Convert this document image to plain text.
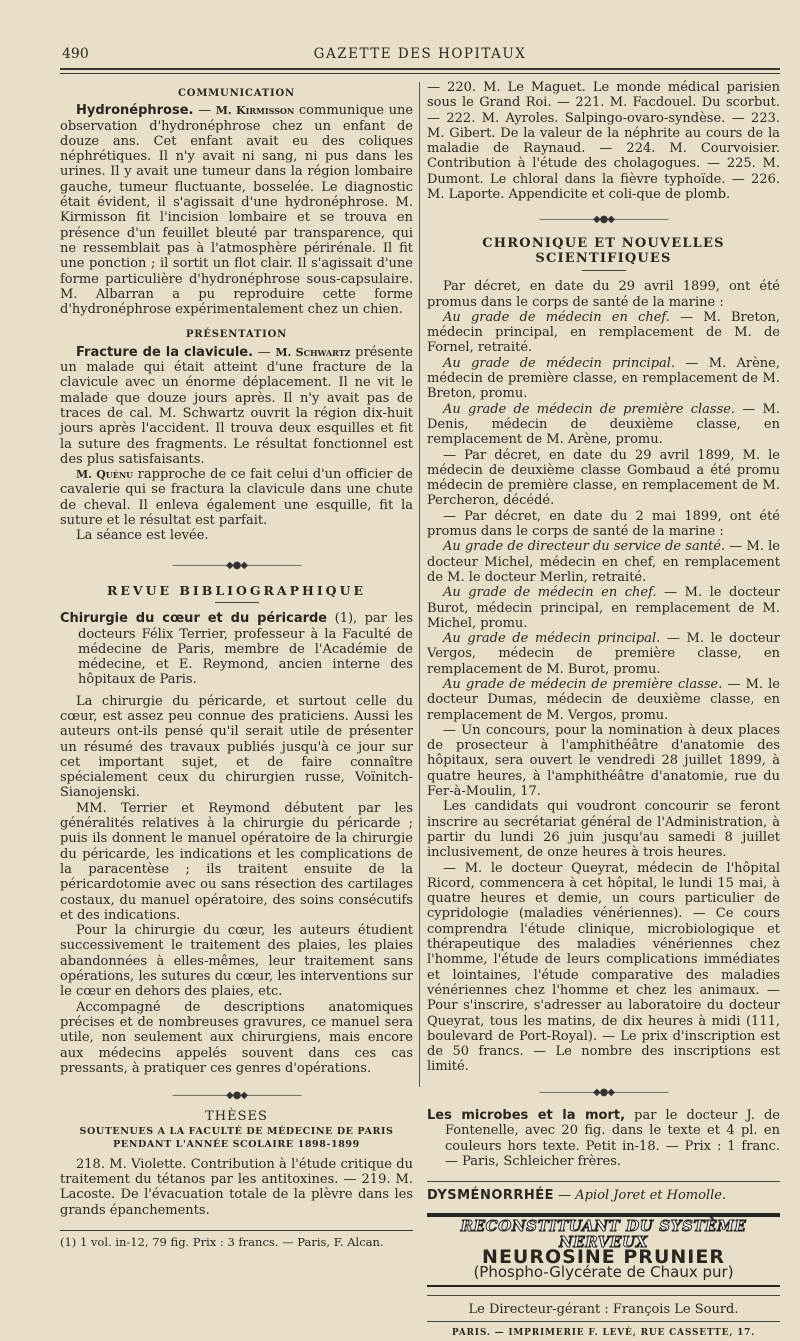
490	GAZETTE DES HOPITAUX
COMMUNICATION

Hydronéphrose. — M. Kirmisson communique une observation d'hydronéphrose chez un enfant de douze ans. Cet enfant avait eu des coliques néphrétiques. Il n'y avait ni sang, ni pus dans les urines. Il y avait une tumeur dans la région lombaire gauche, tumeur fluctuante, bosselée. Le diagnostic était évident, il s'agissait d'une hydronéphrose. M. Kirmisson fit l'incision lombaire et se trouva en présence d'un feuillet bleuté par transparence, qui ne ressemblait pas à l'atmosphère périrénale. Il fit une ponction ; il sortit un flot clair. Il s'agissait d'une forme particulière d'hydronéphrose sous-capsulaire. M. Albarran a pu reproduire cette forme d'hydronéphrose expérimentalement chez un chien.

PRÉSENTATION

Fracture de la clavicule. — M. Schwartz présente un malade qui était atteint d'une fracture de la clavicule avec un énorme déplacement. Il ne vit le malade que douze jours après. Il n'y avait pas de traces de cal. M. Schwartz ouvrit la région dix-huit jours après l'accident. Il trouva deux esquilles et fit la suture des fragments. Le résultat fonctionnel est des plus satisfaisants.

M. Quénu rapproche de ce fait celui d'un officier de cavalerie qui se fractura la clavicule dans une chute de cheval. Il enleva également une esquille, fit la suture et le résultat est parfait.

La séance est levée.

——————◆●◆——————
REVUE BIBLIOGRAPHIQUE

Chirurgie du cœur et du péricarde (1), par les docteurs Félix Terrier, professeur à la Faculté de médecine de Paris, membre de l'Académie de médecine, et E. Reymond, ancien interne des hôpitaux de Paris.

La chirurgie du péricarde, et surtout celle du cœur, est assez peu connue des praticiens. Aussi les auteurs ont-ils pensé qu'il serait utile de présenter un résumé des travaux publiés jusqu'à ce jour sur cet important sujet, et de faire connaître spécialement ceux du chirurgien russe, Voïnitch-Sianojenski.

MM. Terrier et Reymond débutent par les généralités relatives à la chirurgie du péricarde ; puis ils donnent le manuel opératoire de la chirurgie du péricarde, les indications et les complications de la paracentèse ; ils traitent ensuite de la péricardotomie avec ou sans résection des cartilages costaux, du manuel opératoire, des soins consécutifs et des indications.

Pour la chirurgie du cœur, les auteurs étudient successivement le traitement des plaies, les plaies abandonnées à elles-mêmes, leur traitement sans opérations, les sutures du cœur, les interventions sur le cœur en dehors des plaies, etc.

Accompagné de descriptions anatomiques précises et de nombreuses gravures, ce manuel sera utile, non seulement aux chirurgiens, mais encore aux médecins appelés souvent dans ces cas pressants, à pratiquer ces genres d'opérations.

——————◆●◆——————
THÈSES
SOUTENUES A LA FACULTÉ DE MÉDECINE DE PARIS
PENDANT L'ANNÉE SCOLAIRE 1898-1899

218. M. Violette. Contribution à l'étude critique du traitement du tétanos par les antitoxines. — 219. M. Lacoste. De l'évacuation totale de la plèvre dans les grands épanchements.

(1) 1 vol. in-12, 79 fig. Prix : 3 francs. — Paris, F. Alcan.

— 220. M. Le Maguet. Le monde médical parisien sous le Grand Roi. — 221. M. Facdouel. Du scorbut. — 222. M. Ayroles. Salpingo-ovaro-syndèse. — 223. M. Gibert. De la valeur de la néphrite au cours de la maladie de Raynaud. — 224. M. Courvoisier. Contribution à l'étude des cholagogues. — 225. M. Dumont. Le chloral dans la fièvre typhoïde. — 226. M. Laporte. Appendicite et coli-que de plomb.

——————◆●◆——————
CHRONIQUE ET NOUVELLES SCIENTIFIQUES

Par décret, en date du 29 avril 1899, ont été promus dans le corps de santé de la marine :

Au grade de médecin en chef. — M. Breton, médecin principal, en remplacement de M. de Fornel, retraité.

Au grade de médecin principal. — M. Arène, médecin de première classe, en remplacement de M. Breton, promu.

Au grade de médecin de première classe. — M. Denis, médecin de deuxième classe, en remplacement de M. Arène, promu.

— Par décret, en date du 29 avril 1899, M. le médecin de deuxième classe Gombaud a été promu médecin de première classe, en remplacement de M. Percheron, décédé.

— Par décret, en date du 2 mai 1899, ont été promus dans le corps de santé de la marine :

Au grade de directeur du service de santé. — M. le docteur Michel, médecin en chef, en remplacement de M. le docteur Merlin, retraité.

Au grade de médecin en chef. — M. le docteur Burot, médecin principal, en remplacement de M. Michel, promu.

Au grade de médecin principal. — M. le docteur Vergos, médecin de première classe, en remplacement de M. Burot, promu.

Au grade de médecin de première classe. — M. le docteur Dumas, médecin de deuxième classe, en remplacement de M. Vergos, promu.

— Un concours, pour la nomination à deux places de prosecteur à l'amphithéâtre d'anatomie des hôpitaux, sera ouvert le vendredi 28 juillet 1899, à quatre heures, à l'amphithéâtre d'anatomie, rue du Fer-à-Moulin, 17.

Les candidats qui voudront concourir se feront inscrire au secrétariat général de l'Administration, à partir du lundi 26 juin jusqu'au samedi 8 juillet inclusivement, de onze heures à trois heures.

— M. le docteur Queyrat, médecin de l'hôpital Ricord, commencera à cet hôpital, le lundi 15 mai, à quatre heures et demie, un cours particulier de cypridologie (maladies vénériennes). — Ce cours comprendra l'étude clinique, microbiologique et thérapeutique des maladies vénériennes chez l'homme, l'étude de leurs complications immédiates et lointaines, l'étude comparative des maladies vénériennes chez l'homme et chez les animaux. — Pour s'inscrire, s'adresser au laboratoire du docteur Queyrat, tous les matins, de dix heures à midi (111, boulevard de Port-Royal). — Le prix d'inscription est de 50 francs. — Le nombre des inscriptions est limité.

——————◆●◆——————

Les microbes et la mort, par le docteur J. de Fontenelle, avec 20 fig. dans le texte et 4 pl. en couleurs hors texte. Petit in-18. — Prix : 1 franc. — Paris, Schleicher frères.

DYSMÉNORRHÉE — Apiol Joret et Homolle.

RECONSTITUANT DU SYSTÈME NERVEUX
NEUROSINE PRUNIER
(Phospho-Glycérate de Chaux pur)
Le Directeur-gérant : François Le Sourd.
PARIS. — IMPRIMERIE F. LEVÉ, RUE CASSETTE, 17.
